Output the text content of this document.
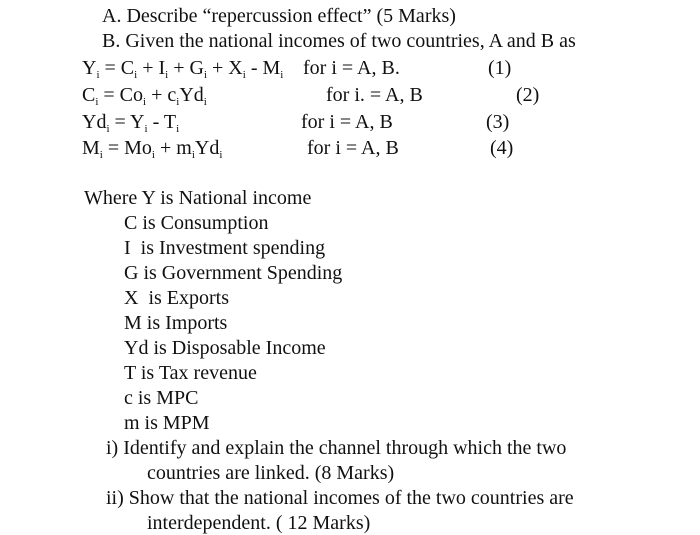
A. Describe “repercussion effect” (5 Marks)
B. Given the national incomes of two countries, A and B as
$Y_i = C_i + I_i + G_i + X_i - M_i$ for i = A, B.	(1)
$C_i = Co_i + c_iYd_i$	for i. = A, B	(2)
$Yd_i = Y_i - T_i$	for i = A, B	(3)
$M_i = Mo_i + m_iYd_i$	for i = A, B	(4)
Where Y is National income
C is Consumption
I  is Investment spending
G is Government Spending
X  is Exports
M is Imports
Yd is Disposable Income
T is Tax revenue
c is MPC
m is MPM
i) Identify and explain the channel through which the two
countries are linked. (8 Marks)
ii) Show that the national incomes of the two countries are
interdependent. ( 12 Marks)
